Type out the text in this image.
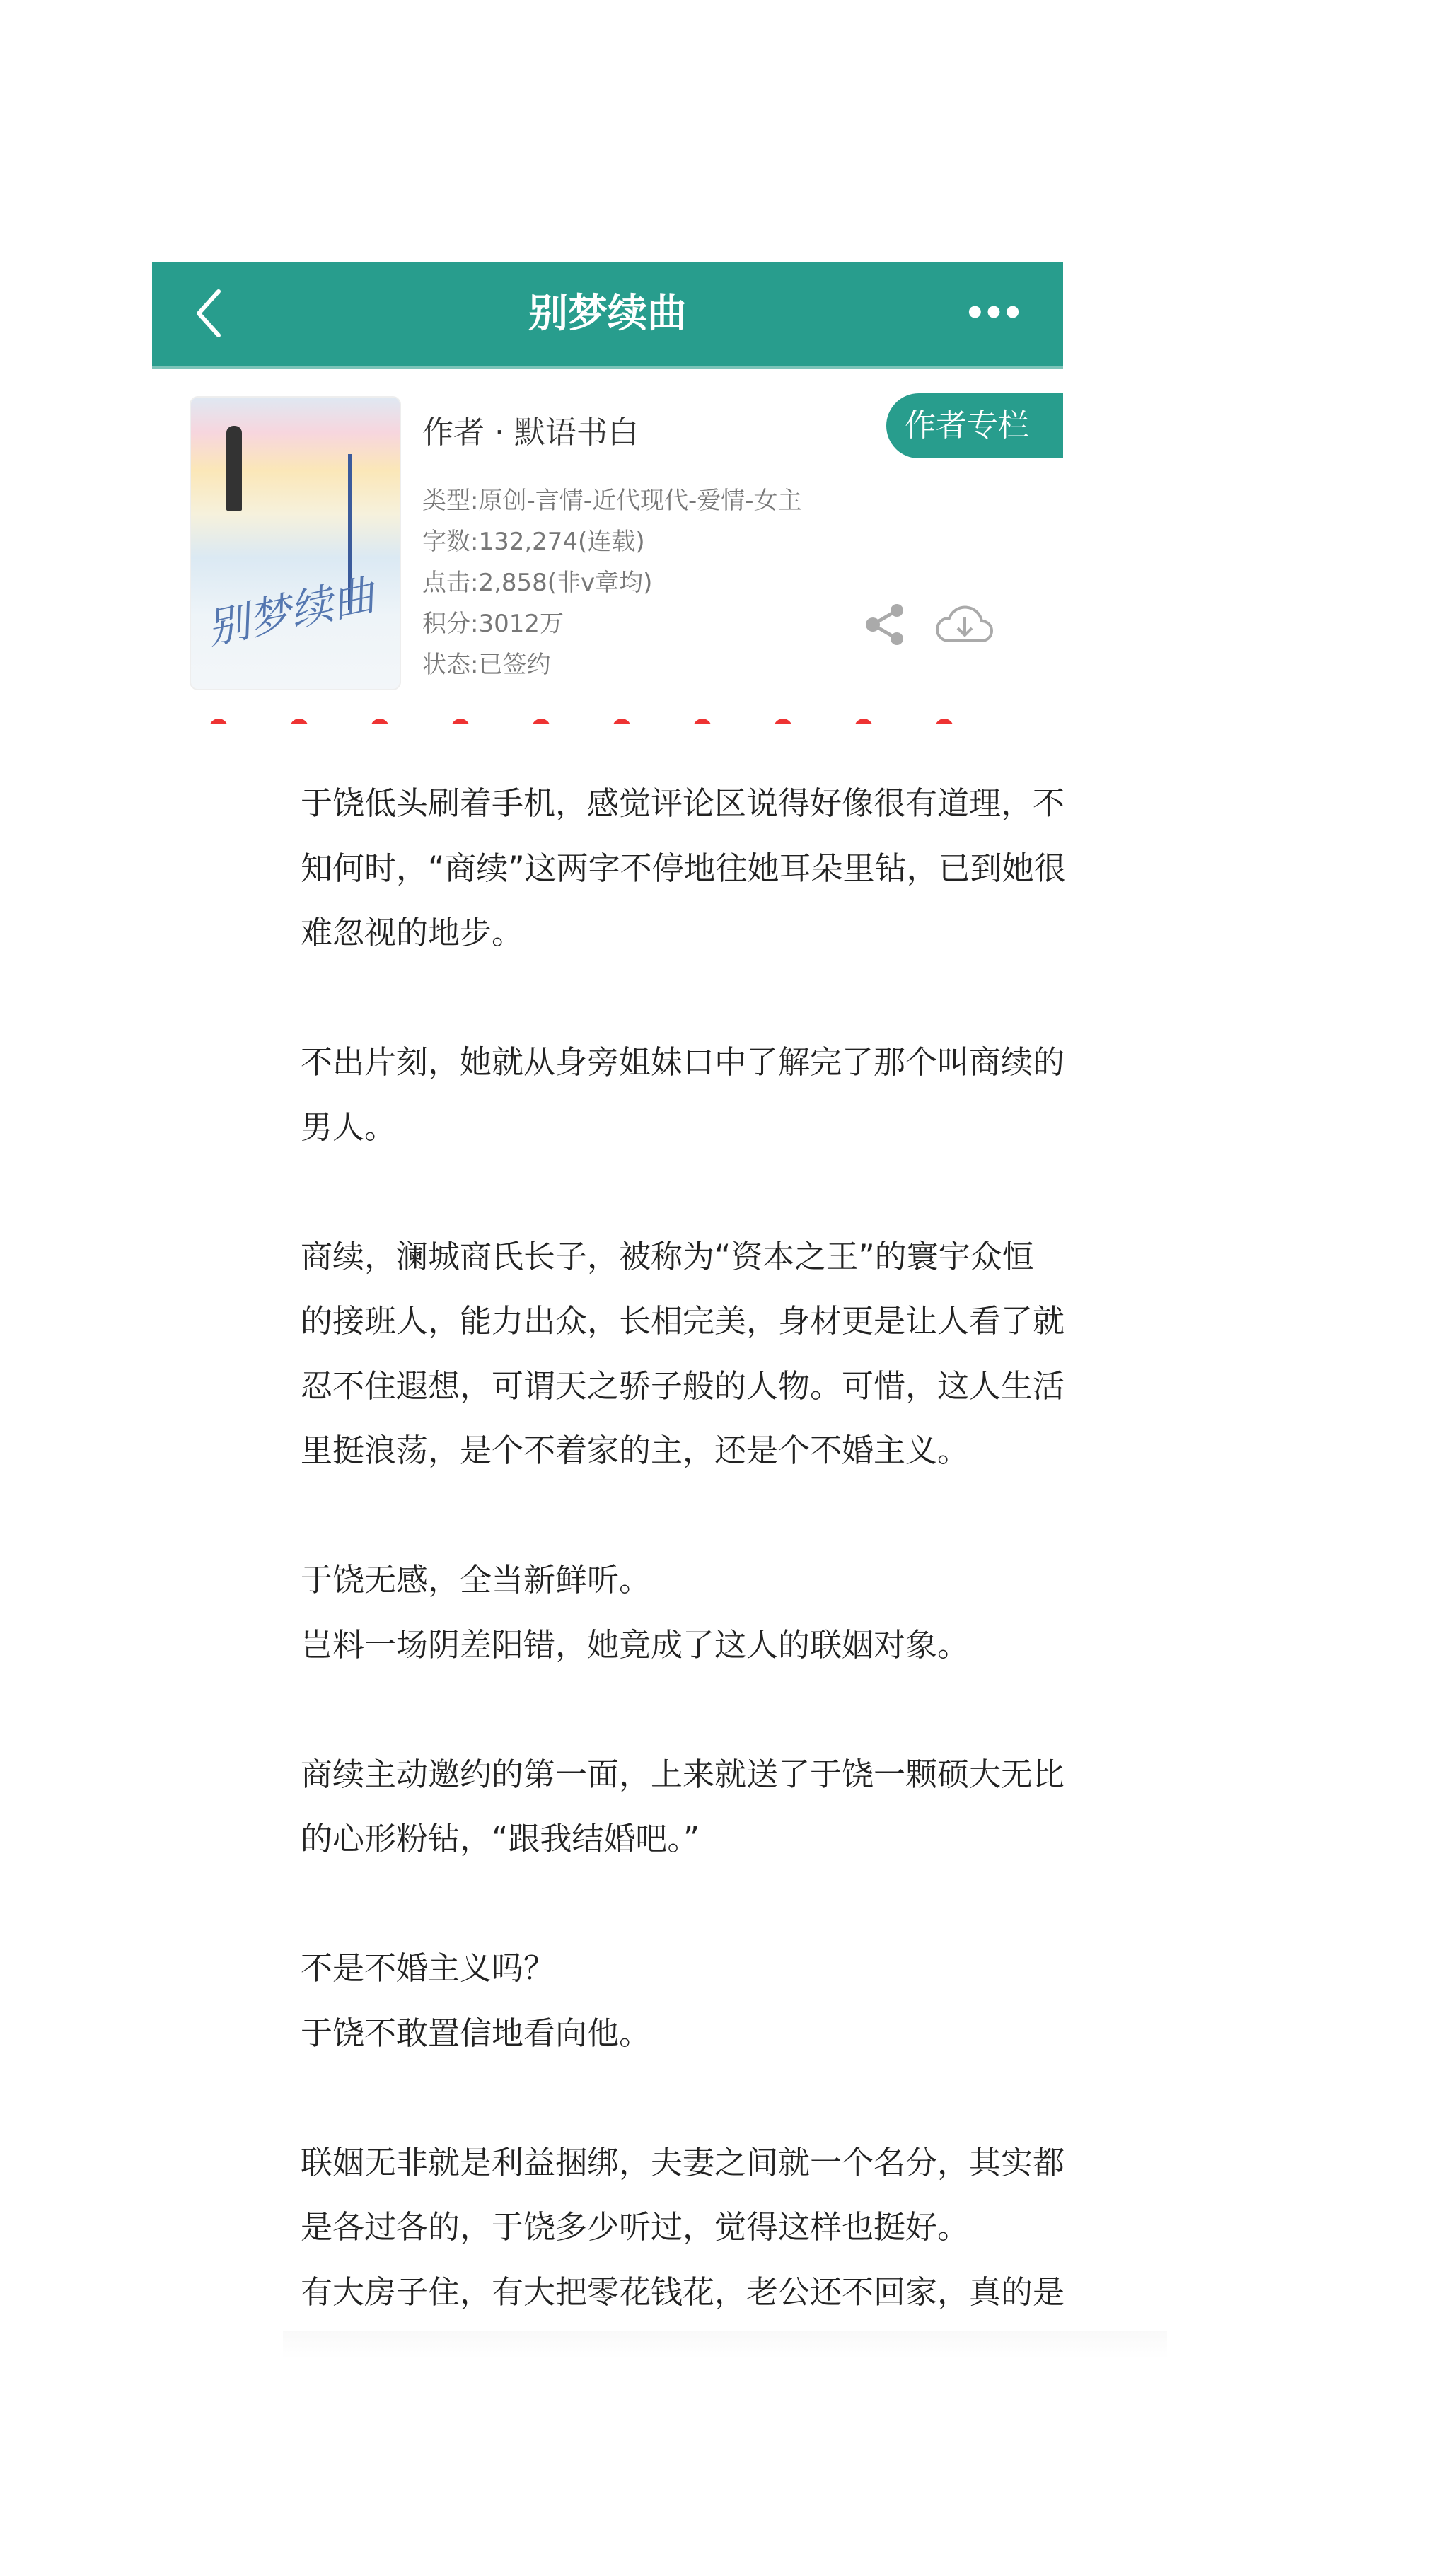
别梦续曲	•••
别梦续曲
作者 · 默语书白	作者专栏
类型:原创-言情-近代现代-爱情-女主
字数:132,274(连载)
点击:2,858(非v章均)
积分:3012万
状态:已签约
于饶低头刷着手机，感觉评论区说得好像很有道理，不
知何时，“商续”这两字不停地往她耳朵里钻，已到她很
难忽视的地步。
不出片刻，她就从身旁姐妹口中了解完了那个叫商续的
男人。
商续，澜城商氏长子，被称为“资本之王”的寰宇众恒
的接班人，能力出众，长相完美，身材更是让人看了就
忍不住遐想，可谓天之骄子般的人物。可惜，这人生活
里挺浪荡，是个不着家的主，还是个不婚主义。
于饶无感，全当新鲜听。
岂料一场阴差阳错，她竟成了这人的联姻对象。
商续主动邀约的第一面，上来就送了于饶一颗硕大无比
的心形粉钻，“跟我结婚吧。”
不是不婚主义吗？
于饶不敢置信地看向他。
联姻无非就是利益捆绑，夫妻之间就一个名分，其实都
是各过各的，于饶多少听过，觉得这样也挺好。
有大房子住，有大把零花钱花，老公还不回家，真的是
